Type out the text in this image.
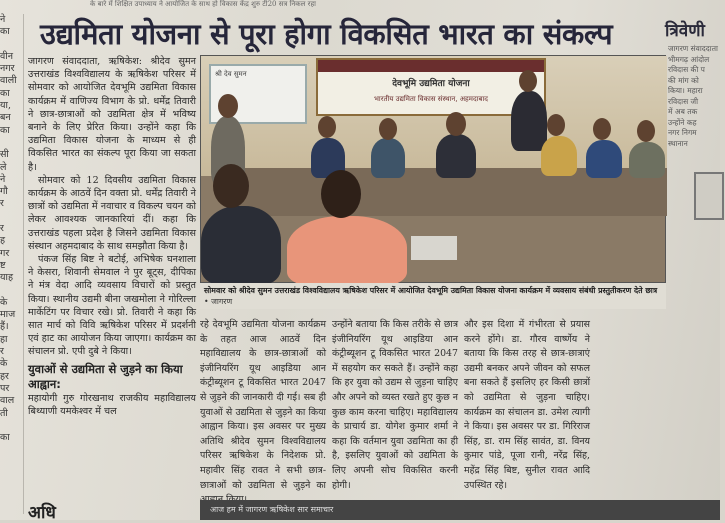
के बारे में शिक्षित उपाध्याय ने आयोजित के साथ हो विकास केंद्र शुरु टी20 सत्र निकल रहा
ने
का

वीन
नगर
वाली
का
या,
बन
का

सी
ले
ने
गौ
र

र
ह
गर
ष्ट
याह

के
माज
हैं।
हा
र
के
हर
पर
वाल
ती

का
उद्यमिता योजना से पूरा होगा विकसित भारत का संकल्प	त्रिवेणी
जागरण संवाददाता
भीमगढ़ आंदोल
रविदास की प
की मांग को
किया। महारा
रविदास जी
में अब तक
उन्होंने कह
नगर निगम
स्थानान

जागरण संवाददाता, ऋषिकेश: श्रीदेव सुमन उत्तराखंड विश्वविद्यालय के ऋषिकेश परिसर में सोमवार को आयोजित देवभूमि उद्यमिता विकास कार्यक्रम में वाणिज्य विभाग के प्रो. धर्मेंद्र तिवारी ने छात्र-छात्राओं को उद्यमिता क्षेत्र में भविष्य बनाने के लिए प्रेरित किया। उन्होंने कहा कि उद्यमिता विकास योजना के माध्यम से ही विकसित भारत का संकल्प पूरा किया जा सकता है।

सोमवार को 12 दिवसीय उद्यमिता विकास कार्यक्रम के आठवें दिन वक्ता प्रो. धर्मेंद्र तिवारी ने छात्रों को उद्यमिता में नवाचार व विकल्प चयन को लेकर आवश्यक जानकारियां दीं। कहा कि उत्तराखंड पहला प्रदेश है जिसने उद्यमिता विकास संस्थान अहमदाबाद के साथ समझौता किया है।

पंकज सिंह बिष्ट ने बटोई, अभिषेक घनशाला ने केसरा, शिवानी सेमवाल ने पुर बूट्स, दीपिका ने मंत्र वेदा आदि व्यवसाय विचारों को प्रस्तुत किया। स्थानीय उद्यमी बीना जखमोला ने गोरिल्ला मार्केटिंग पर विचार रखे। प्रो. तिवारी ने कहा कि सात मार्च को विवि ऋषिकेश परिसर में प्रदर्शनी एवं हाट का आयोजन किया जाएगा। कार्यक्रम का संचालन प्रो. एपी दुबे ने किया।

युवाओं से उद्यमिता से जुड़ने का किया आह्वान:

महायोगी गुरु गोरखनाथ राजकीय महाविद्यालय बिथ्याणी यमकेश्वर में चल

श्री देव सुमन
देवभूमि उद्यमिता योजना
भारतीय उद्यमिता विकास संस्थान, अहमदाबाद
सोमवार को श्रीदेव सुमन उत्तराखंड विश्वविद्यालय ऋषिकेश परिसर में आयोजित देवभूमि उद्यमिता विकास योजना कार्यक्रम में व्यवसाय संबंधी प्रस्तुतीकरण देते छात्र • जागरण
रहे देवभूमि उद्यमिता योजना कार्यक्रम के तहत आज आठवें दिन महाविद्यालय के छात्र-छात्राओं को इंजीनियरिंग यूथ आइडिया आन कंट्रीब्यूशन टू विकसित भारत 2047 से जुड़ने की जानकारी दी गई। सब ही युवाओं से उद्यमिता से जुड़ने का किया आह्वान किया। इस अवसर पर मुख्य अतिथि श्रीदेव सुमन विश्वविद्यालय परिसर ऋषिकेश के निदेशक प्रो. महावीर सिंह रावत ने सभी छात्र-छात्राओं को उद्यमिता से जुड़ने का
उन्होंने बताया कि किस तरीके से छात्र इंजीनियरिंग यूथ आइडिया आन कंट्रीब्यूशन टू विकसित भारत 2047 में सहयोग कर सकते हैं। उन्होंने कहा कि हर युवा को उद्यम से जुड़ना चाहिए और अपने को व्यस्त रखते हुए कुछ न कुछ काम करना चाहिए। महाविद्यालय के प्राचार्य डा. योगेश कुमार शर्मा ने कहा कि वर्तमान युवा उद्यमिता का ही है, इसलिए युवाओं को उद्यमिता के लिए अपनी सोच विकसित करनी होगी।
और इस दिशा में गंभीरता से प्रयास करने होंगे। डा. गौरव वार्ष्णेय ने बताया कि किस तरह से छात्र-छात्राएं उद्यमी बनकर अपने जीवन को सफल बना सकते हैं इसलिए हर किसी छात्रों को उद्यमिता से जुड़ना चाहिए। कार्यक्रम का संचालन डा. उमेश त्यागी ने किया। इस अवसर पर डा. गिरिराज सिंह, डा. राम सिंह सावंत, डा. विनय कुमार पांडे, पूजा रानी, नरेंद्र सिंह, महेंद्र सिंह बिष्ट, सुनील रावत आदि उपस्थित रहे।
अधि	आज हम में जागरण ऋषिकेश सार समाचार
